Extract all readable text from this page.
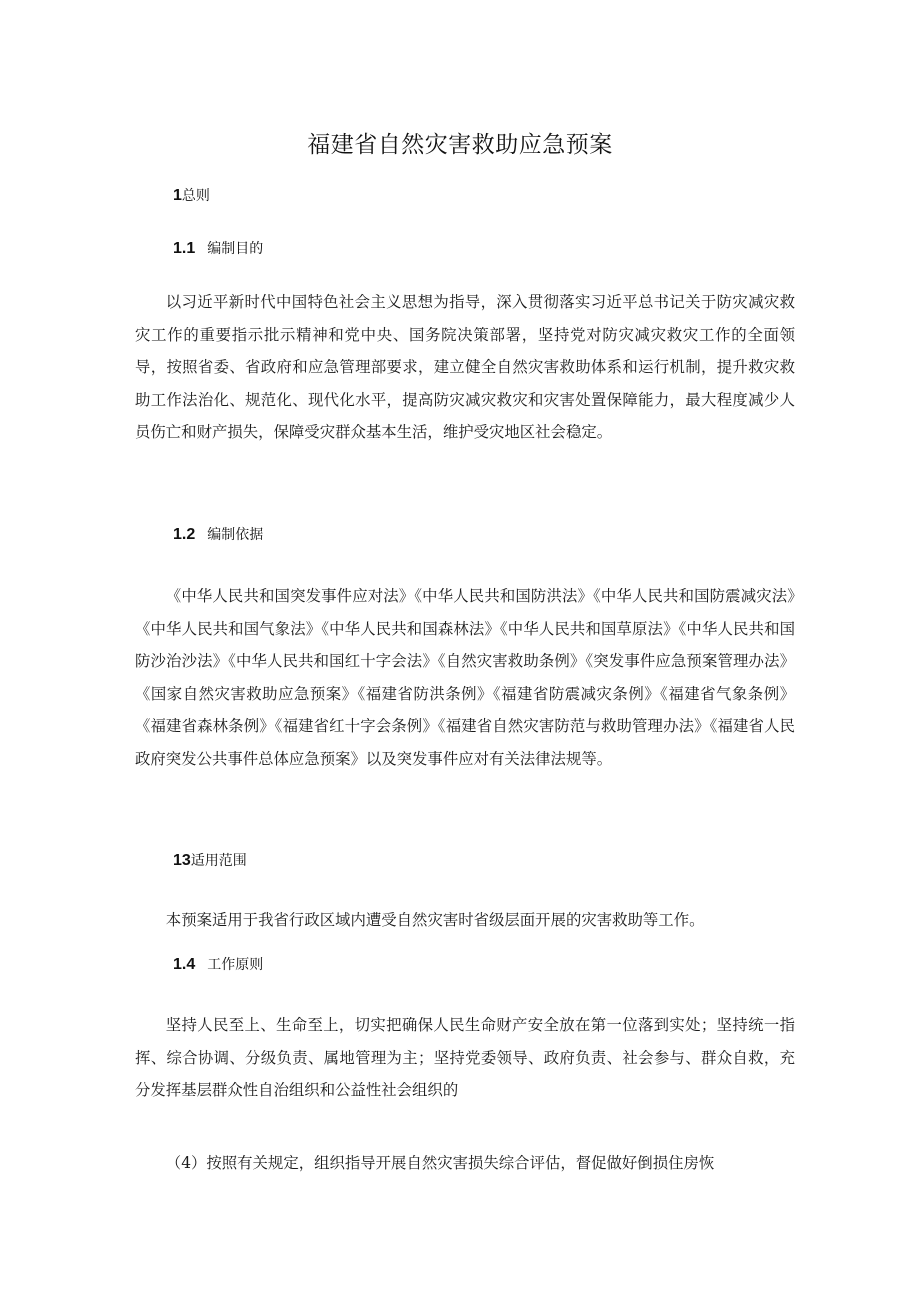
福建省自然灾害救助应急预案
1总则
1.1 编制目的
以习近平新时代中国特色社会主义思想为指导，深入贯彻落实习近平总书记关于防灾减灾救灾工作的重要指示批示精神和党中央、国务院决策部署，坚持党对防灾减灾救灾工作的全面领导，按照省委、省政府和应急管理部要求，建立健全自然灾害救助体系和运行机制，提升救灾救助工作法治化、规范化、现代化水平，提高防灾减灾救灾和灾害处置保障能力，最大程度减少人员伤亡和财产损失，保障受灾群众基本生活，维护受灾地区社会稳定。
1.2 编制依据
《中华人民共和国突发事件应对法》《中华人民共和国防洪法》《中华人民共和国防震减灾法》《中华人民共和国气象法》《中华人民共和国森林法》《中华人民共和国草原法》《中华人民共和国防沙治沙法》《中华人民共和国红十字会法》《自然灾害救助条例》《突发事件应急预案管理办法》《国家自然灾害救助应急预案》《福建省防洪条例》《福建省防震减灾条例》《福建省气象条例》《福建省森林条例》《福建省红十字会条例》《福建省自然灾害防范与救助管理办法》《福建省人民政府突发公共事件总体应急预案》以及突发事件应对有关法律法规等。
13适用范围
本预案适用于我省行政区域内遭受自然灾害时省级层面开展的灾害救助等工作。
1.4 工作原则
坚持人民至上、生命至上，切实把确保人民生命财产安全放在第一位落到实处；坚持统一指挥、综合协调、分级负责、属地管理为主；坚持党委领导、政府负责、社会参与、群众自救，充分发挥基层群众性自治组织和公益性社会组织的
（4）按照有关规定，组织指导开展自然灾害损失综合评估，督促做好倒损住房恢
